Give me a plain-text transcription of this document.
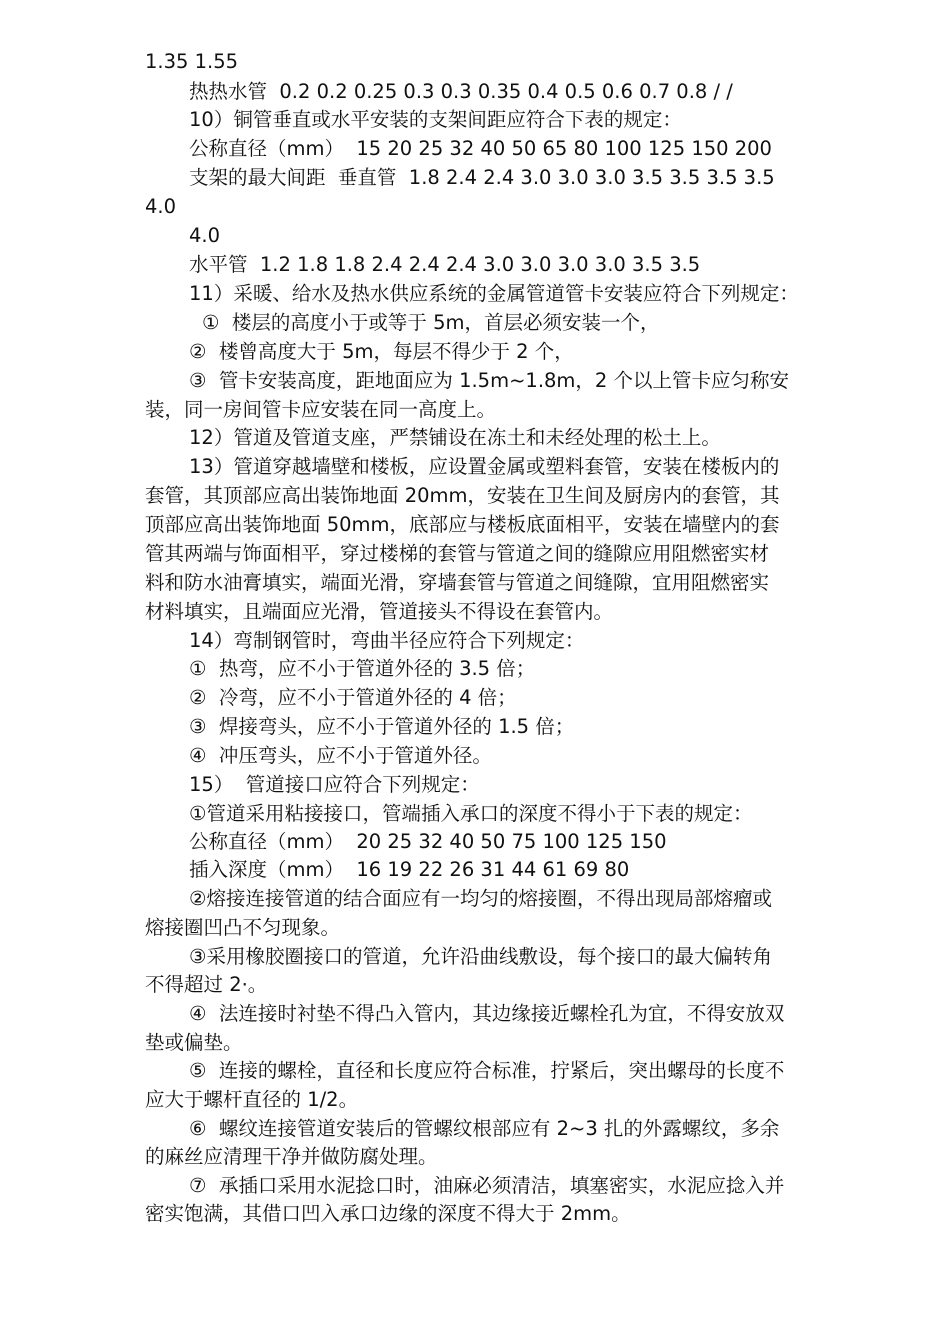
1.35 1.55
热热水管  0.2 0.2 0.25 0.3 0.3 0.35 0.4 0.5 0.6 0.7 0.8 / /
10）铜管垂直或水平安装的支架间距应符合下表的规定：
公称直径（mm）  15 20 25 32 40 50 65 80 100 125 150 200
支架的最大间距  垂直管  1.8 2.4 2.4 3.0 3.0 3.0 3.5 3.5 3.5 3.5
4.0
4.0
水平管  1.2 1.8 1.8 2.4 2.4 2.4 3.0 3.0 3.0 3.0 3.5 3.5
11）采暖、给水及热水供应系统的金属管道管卡安装应符合下列规定：
①  楼层的高度小于或等于 5m，首层必须安装一个，
②  楼曾高度大于 5m，每层不得少于 2 个，
③  管卡安装高度，距地面应为 1.5m~1.8m，2 个以上管卡应匀称安
装，同一房间管卡应安装在同一高度上。
12）管道及管道支座，严禁铺设在冻土和未经处理的松土上。
13）管道穿越墙壁和楼板，应设置金属或塑料套管，安装在楼板内的
套管，其顶部应高出装饰地面 20mm，安装在卫生间及厨房内的套管，其
顶部应高出装饰地面 50mm，底部应与楼板底面相平，安装在墙壁内的套
管其两端与饰面相平，穿过楼梯的套管与管道之间的缝隙应用阻燃密实材
料和防水油膏填实，端面光滑，穿墙套管与管道之间缝隙，宜用阻燃密实
材料填实，且端面应光滑，管道接头不得设在套管内。
14）弯制钢管时，弯曲半径应符合下列规定：
①  热弯，应不小于管道外径的 3.5 倍；
②  冷弯，应不小于管道外径的 4 倍；
③  焊接弯头，应不小于管道外径的 1.5 倍；
④  冲压弯头，应不小于管道外径。
15）  管道接口应符合下列规定：
①管道采用粘接接口，管端插入承口的深度不得小于下表的规定：
公称直径（mm）  20 25 32 40 50 75 100 125 150
插入深度（mm）  16 19 22 26 31 44 61 69 80
②熔接连接管道的结合面应有一均匀的熔接圈，不得出现局部熔瘤或
熔接圈凹凸不匀现象。
③采用橡胶圈接口的管道，允许沿曲线敷设，每个接口的最大偏转角
不得超过 2·。
④  法连接时衬垫不得凸入管内，其边缘接近螺栓孔为宜，不得安放双
垫或偏垫。
⑤  连接的螺栓，直径和长度应符合标准，拧紧后，突出螺母的长度不
应大于螺杆直径的 1/2。
⑥  螺纹连接管道安装后的管螺纹根部应有 2~3 扎的外露螺纹，多余
的麻丝应清理干净并做防腐处理。
⑦  承插口采用水泥捻口时，油麻必须清洁，填塞密实，水泥应捻入并
密实饱满，其借口凹入承口边缘的深度不得大于 2mm。
